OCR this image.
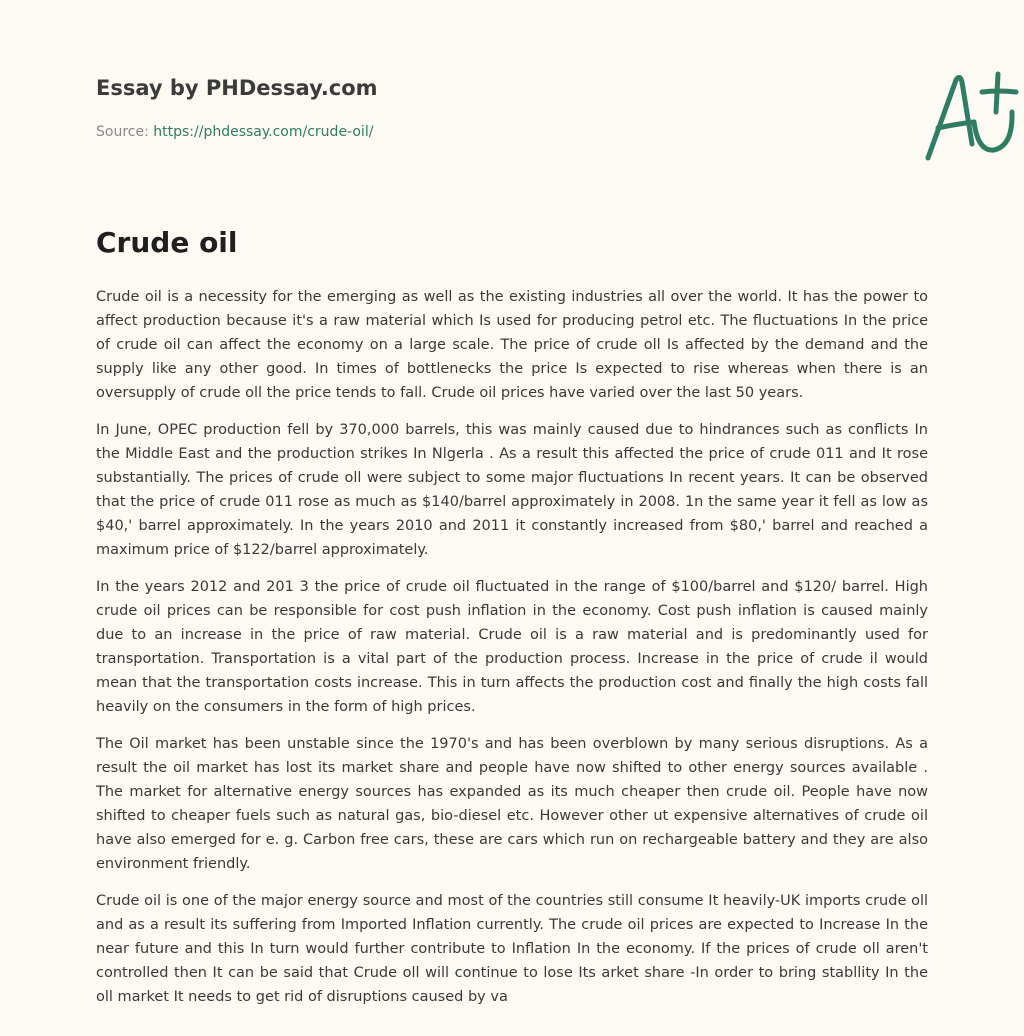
Essay by PHDessay.com
Source: https://phdessay.com/crude-oil/
Crude oil

Crude oil is a necessity for the emerging as well as the existing industries all over the world. It has the power to affect production because it's a raw material which Is used for producing petrol etc. The fluctuations In the price of crude oil can affect the economy on a large scale. The price of crude oll Is affected by the demand and the supply like any other good. In times of bottlenecks the price Is expected to rise whereas when there is an oversupply of crude oll the price tends to fall. Crude oil prices have varied over the last 50 years.

In June, OPEC production fell by 370,000 barrels, this was mainly caused due to hindrances such as conflicts In the Middle East and the production strikes In Nlgerla . As a result this affected the price of crude 011 and It rose substantially. The prices of crude oll were subject to some major fluctuations In recent years. It can be observed that the price of crude 011 rose as much as $140/barrel approximately in 2008. 1n the same year it fell as low as $40,' barrel approximately. In the years 2010 and 2011 it constantly increased from $80,' barrel and reached a maximum price of $122/barrel approximately.

In the years 2012 and 201 3 the price of crude oil fluctuated in the range of $100/barrel and $120/ barrel. High crude oil prices can be responsible for cost push inflation in the economy. Cost push inflation is caused mainly due to an increase in the price of raw material. Crude oil is a raw material and is predominantly used for transportation. Transportation is a vital part of the production process. Increase in the price of crude il would mean that the transportation costs increase. This in turn affects the production cost and finally the high costs fall heavily on the consumers in the form of high prices.

The Oil market has been unstable since the 1970's and has been overblown by many serious disruptions. As a result the oil market has lost its market share and people have now shifted to other energy sources available . The market for alternative energy sources has expanded as its much cheaper then crude oil. People have now shifted to cheaper fuels such as natural gas, bio-diesel etc. However other ut expensive alternatives of crude oil have also emerged for e. g. Carbon free cars, these are cars which run on rechargeable battery and they are also environment friendly.

Crude oil is one of the major energy source and most of the countries still consume It heavily-UK imports crude oll and as a result its suffering from Imported Inflation currently. The crude oil prices are expected to Increase In the near future and this In turn would further contribute to Inflation In the economy. If the prices of crude oll aren't controlled then It can be said that Crude oll will continue to lose Its arket share -In order to bring stabllity In the oll market It needs to get rid of disruptions caused by va
